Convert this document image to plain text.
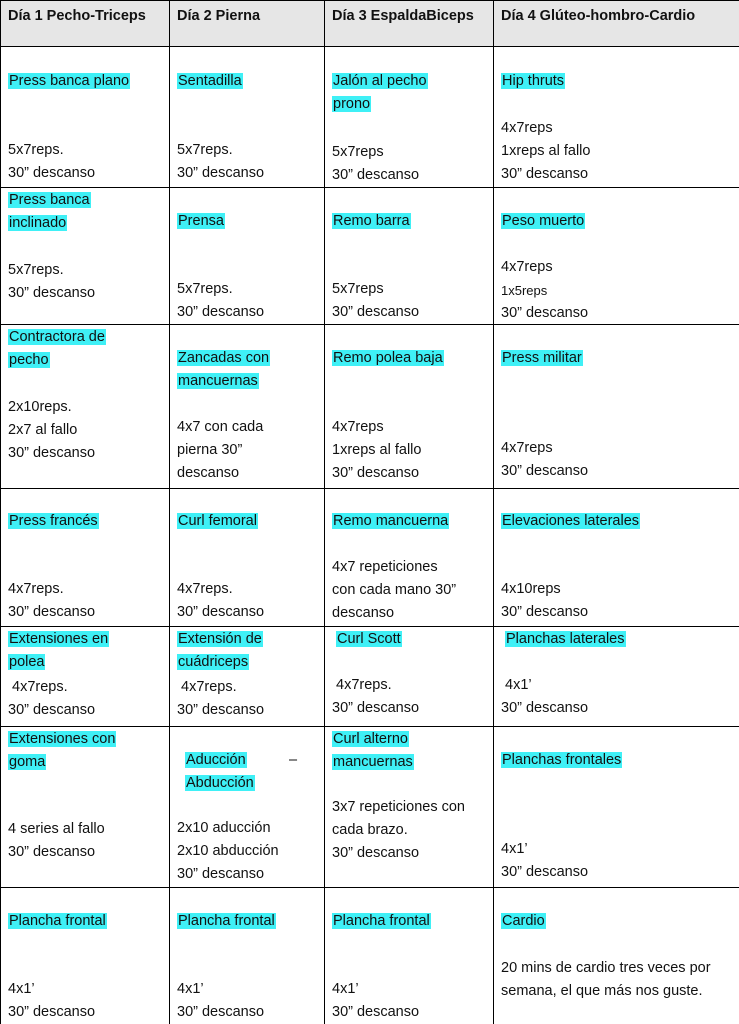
Día 1 Pecho-Triceps Día 2 Pierna	Día 3 EspaldaBiceps Día 4 Glúteo-hombro-Cardio
Press banca plano
5x7reps.
30” descanso
Sentadilla
5x7reps.
30” descanso
Jalón al pecho prono
5x7reps
30” descanso
Hip thruts
4x7reps
1xreps al fallo
30” descanso
Press banca inclinado
5x7reps.
30” descanso
Prensa
5x7reps.
30” descanso
Remo barra
5x7reps
30” descanso
Peso muerto
4x7reps
1x5reps
30” descanso
Contractora de pecho
2x10reps.
2x7 al fallo
30” descanso
Zancadas con mancuernas
4x7 con cada
pierna 30”
descanso
Remo polea baja
4x7reps
1xreps al fallo
30” descanso
Press militar
4x7reps
30” descanso
Press francés
4x7reps.
30” descanso
Curl femoral
4x7reps.
30” descanso
Remo mancuerna
4x7 repeticiones
con cada mano 30”
descanso
Elevaciones laterales
4x10reps
30” descanso
Extensiones en polea
4x7reps.
30” descanso
Extensión de cuádriceps
4x7reps.
30” descanso
Curl Scott
4x7reps.
30” descanso
Planchas laterales
4x1’
30” descanso
Extensiones con goma
4 series al fallo
30” descanso
Aducción	–
Abducción
2x10 aducción
2x10 abducción
30” descanso
Curl alterno mancuernas
3x7 repeticiones con
cada brazo.
30” descanso
Planchas frontales
4x1’
30” descanso
Plancha frontal
4x1’
30” descanso
Plancha frontal
4x1’
30” descanso
Plancha frontal
4x1’
30” descanso
Cardio
20 mins de cardio tres veces por
semana, el que más nos guste.
